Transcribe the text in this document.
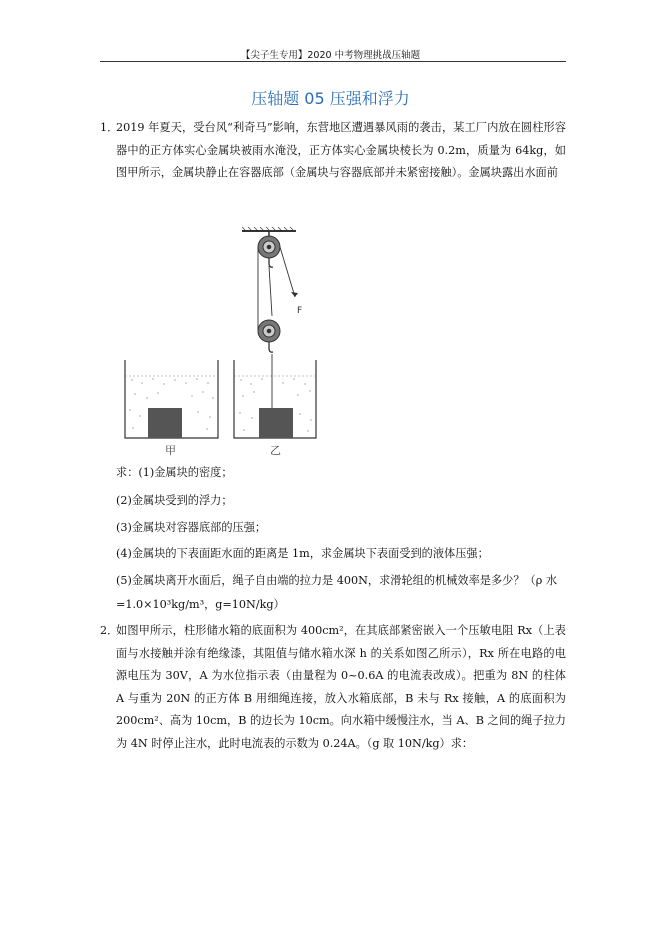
【尖子生专用】2020 中考物理挑战压轴题
压轴题 05 压强和浮力
1．
2019 年夏天，受台风“利奇马”影响，东营地区遭遇暴风雨的袭击，某工厂内放在圆柱形容器中的正方体实心金属块被雨水淹没，正方体实心金属块棱长为 0.2m，质量为 64kg，如图甲所示，金属块静止在容器底部（金属块与容器底部并未紧密接触）。金属块露出水面前
F
甲	乙
求：(1)金属块的密度；
(2)金属块受到的浮力；
(3)金属块对容器底部的压强；
(4)金属块的下表面距水面的距离是 1m，求金属块下表面受到的液体压强；
(5)金属块离开水面后，绳子自由端的拉力是 400N，求滑轮组的机械效率是多少？（ρ 水
=1.0×10³kg/m³，g=10N/kg）
2．
如图甲所示，柱形储水箱的底面积为 400cm²，在其底部紧密嵌入一个压敏电阻 Rx（上表面与水接触并涂有绝缘漆，其阻值与储水箱水深 h 的关系如图乙所示），Rx 所在电路的电源电压为 30V，A 为水位指示表（由量程为 0~0.6A 的电流表改成）。把重为 8N 的柱体 A 与重为 20N 的正方体 B 用细绳连接，放入水箱底部，B 未与 Rx 接触，A 的底面积为 200cm²、高为 10cm，B 的边长为 10cm。向水箱中缓慢注水，当 A、B 之间的绳子拉力为 4N 时停止注水，此时电流表的示数为 0.24A。（g 取 10N/kg）求：
